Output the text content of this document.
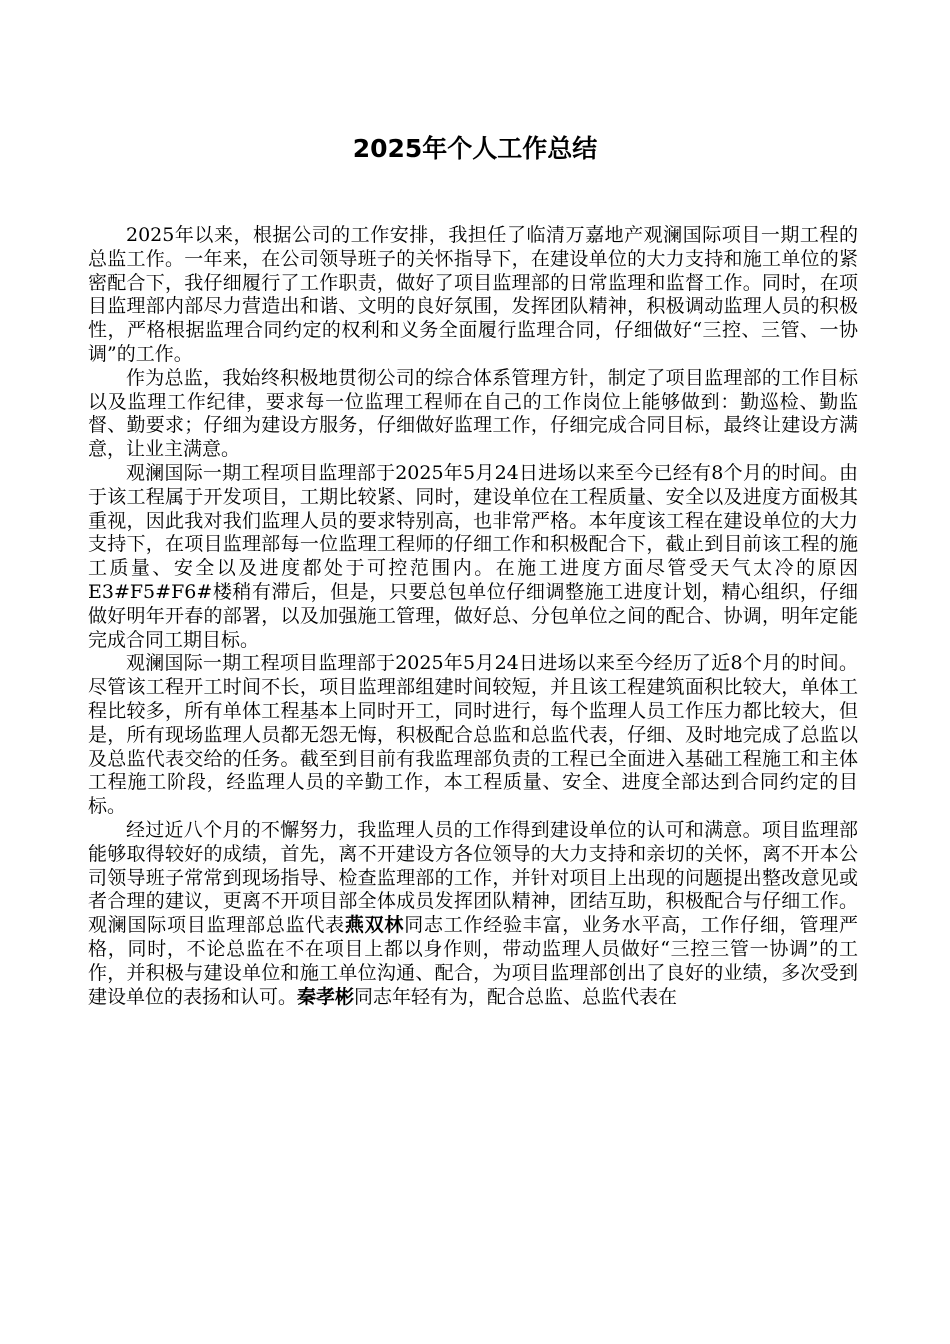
2025年个人工作总结

2025年以来，根据公司的工作安排，我担任了临清万嘉地产观澜国际项目一期工程的总监工作。一年来，在公司领导班子的关怀指导下，在建设单位的大力支持和施工单位的紧密配合下，我仔细履行了工作职责，做好了项目监理部的日常监理和监督工作。同时，在项目监理部内部尽力营造出和谐、文明的良好氛围，发挥团队精神，积极调动监理人员的积极性，严格根据监理合同约定的权利和义务全面履行监理合同，仔细做好“三控、三管、一协调”的工作。

作为总监，我始终积极地贯彻公司的综合体系管理方针，制定了项目监理部的工作目标以及监理工作纪律，要求每一位监理工程师在自己的工作岗位上能够做到：勤巡检、勤监督、勤要求；仔细为建设方服务，仔细做好监理工作，仔细完成合同目标，最终让建设方满意，让业主满意。

观澜国际一期工程项目监理部于2025年5月24日进场以来至今已经有8个月的时间。由于该工程属于开发项目，工期比较紧、同时，建设单位在工程质量、安全以及进度方面极其重视，因此我对我们监理人员的要求特别高，也非常严格。本年度该工程在建设单位的大力支持下，在项目监理部每一位监理工程师的仔细工作和积极配合下，截止到目前该工程的施工质量、安全以及进度都处于可控范围内。在施工进度方面尽管受天气太冷的原因E3#F5#F6#楼稍有滞后，但是，只要总包单位仔细调整施工进度计划，精心组织，仔细做好明年开春的部署，以及加强施工管理，做好总、分包单位之间的配合、协调，明年定能完成合同工期目标。

观澜国际一期工程项目监理部于2025年5月24日进场以来至今经历了近8个月的时间。尽管该工程开工时间不长，项目监理部组建时间较短，并且该工程建筑面积比较大，单体工程比较多，所有单体工程基本上同时开工，同时进行，每个监理人员工作压力都比较大，但是，所有现场监理人员都无怨无悔，积极配合总监和总监代表，仔细、及时地完成了总监以及总监代表交给的任务。截至到目前有我监理部负责的工程已全面进入基础工程施工和主体工程施工阶段，经监理人员的辛勤工作，本工程质量、安全、进度全部达到合同约定的目标。

经过近八个月的不懈努力，我监理人员的工作得到建设单位的认可和满意。项目监理部能够取得较好的成绩，首先，离不开建设方各位领导的大力支持和亲切的关怀，离不开本公司领导班子常常到现场指导、检查监理部的工作，并针对项目上出现的问题提出整改意见或者合理的建议，更离不开项目部全体成员发挥团队精神，团结互助，积极配合与仔细工作。观澜国际项目监理部总监代表燕双林同志工作经验丰富，业务水平高，工作仔细，管理严格，同时，不论总监在不在项目上都以身作则，带动监理人员做好“三控三管一协调”的工作，并积极与建设单位和施工单位沟通、配合，为项目监理部创出了良好的业绩，多次受到建设单位的表扬和认可。秦孝彬同志年轻有为，配合总监、总监代表在
